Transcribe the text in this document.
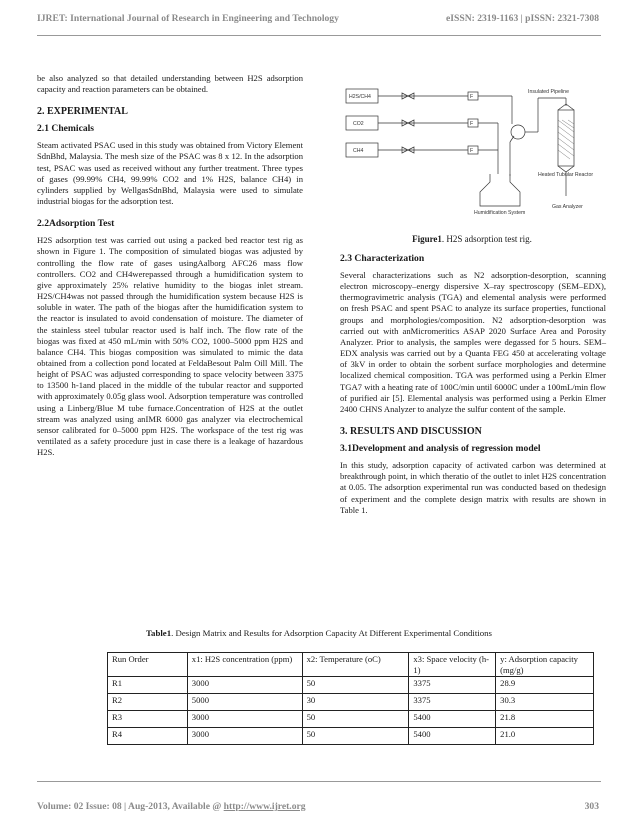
IJRET: International Journal of Research in Engineering and Technology	eISSN: 2319-1163 | pISSN: 2321-7308

be also analyzed so that detailed understanding between H2S adsorption capacity and reaction parameters can be obtained.

2. EXPERIMENTAL
2.1 Chemicals

Steam activated PSAC used in this study was obtained from Victory Element SdnBhd, Malaysia. The mesh size of the PSAC was 8 x 12. In the adsorption test, PSAC was used as received without any further treatment. Three types of gases (99.99% CH4, 99.99% CO2 and 1% H2S, balance CH4) in cylinders supplied by WellgasSdnBhd, Malaysia were used to simulate industrial biogas for the adsorption test.

2.2Adsorption Test

H2S adsorption test was carried out using a packed bed reactor test rig as shown in Figure 1. The composition of simulated biogas was adjusted by controlling the flow rate of gases usingAalborg AFC26 mass flow controllers. CO2 and CH4werepassed through a humidification system to give approximately 25% relative humidity to the biogas inlet stream. H2S/CH4was not passed through the humidification system because H2S is soluble in water. The path of the biogas after the humidification system to the reactor is insulated to avoid condensation of moisture. The diameter of the stainless steel tubular reactor used is half inch. The flow rate of the biogas was fixed at 450 mL/min with 50% CO2, 1000–5000 ppm H2S and balance CH4. This biogas composition was simulated to mimic the data obtained from a collection pond located at FeldaBesout Palm Oill Mill. The height of PSAC was adjusted corresponding to space velocity between 3375 to 13500 h-1and placed in the middle of the tubular reactor and supported with approximately 0.05g glass wool. Adsorption temperature was controlled using a Linberg/Blue M tube furnace.Concentration of H2S at the outlet stream was analyzed using anIMR 6000 gas analyzer via electrochemical sensor calibrated for 0–5000 ppm H2S. The workspace of the test rig was ventilated as a safety procedure just in case there is a leakage of hazardous H2S.

H2S/CH4
CO2
CH4
F
F
F
Insulated Pipeline
Heated Tubular Reactor
Gas Analyzer
Humidification System
Figure1. H2S adsorption test rig.
2.3 Characterization

Several characterizations such as N2 adsorption-desorption, scanning electron microscopy–energy dispersive X–ray spectroscopy (SEM–EDX), thermogravimetric analysis (TGA) and elemental analysis were performed on fresh PSAC and spent PSAC to analyze its surface properties, functional groups and morphologies/composition. N2 adsorption-desorption was carried out with anMicromeritics ASAP 2020 Surface Area and Porosity Analyzer. Prior to analysis, the samples were degassed for 5 hours. SEM–EDX analysis was carried out by a Quanta FEG 450 at accelerating voltage of 3kV in order to obtain the sorbent surface morphologies and determine localized chemical composition. TGA was performed using a Perkin Elmer TGA7 with a heating rate of 100C/min until 6000C under a 100mL/min flow of purified air [5]. Elemental analysis was performed using a Perkin Elmer 2400 CHNS Analyzer to analyze the sulfur content of the sample.

3. RESULTS AND DISCUSSION
3.1Development and analysis of regression model

In this study, adsorption capacity of activated carbon was determined at breakthrough point, in which theratio of the outlet to inlet H2S concentration at 0.05. The adsorption experimental run was conducted based on thedesign of experiment and the complete design matrix with results are shown in Table 1.

Table1. Design Matrix and Results for Adsorption Capacity At Different Experimental Conditions
Run Order	x1: H2S concentration (ppm)	x2: Temperature (oC)	x3: Space velocity (h-1)	y: Adsorption capacity (mg/g)
R1	3000	50	3375	28.9
R2	5000	30	3375	30.3
R3	3000	50	5400	21.8
R4	3000	50	5400	21.0
Volume: 02 Issue: 08 | Aug-2013, Available @ http://www.ijret.org	303
